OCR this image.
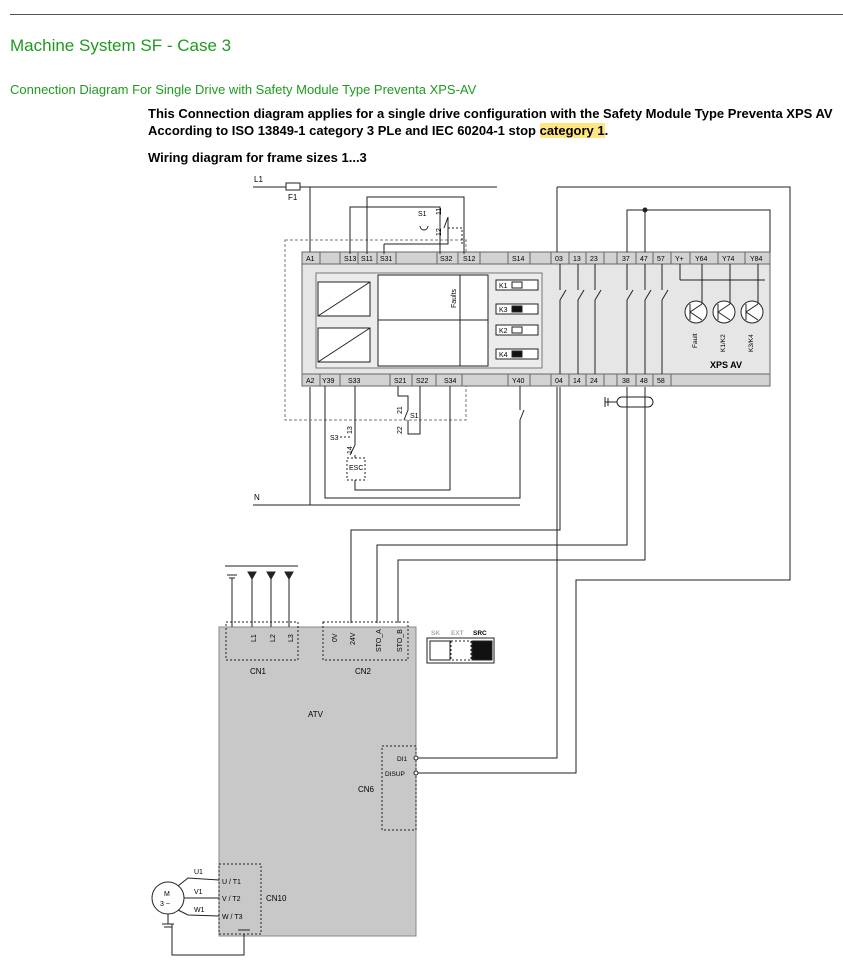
Machine System SF - Case 3
Connection Diagram For Single Drive with Safety Module Type Preventa XPS-AV

This Connection diagram applies for a single drive configuration with the Safety Module Type Preventa XPS AV According to ISO 13849-1 category 3 PLe and IEC 60204-1 stop category 1.

Wiring diagram for frame sizes 1...3

L1
F1
N
A1	S13 S11 S31	S32 S12	S14	03 13 23	37 47 57 Y+ Y64 Y74 Y84
A2 Y39 S33	S21 S22 S34	Y40	04 14 24	38 48 58
Faults
K1
K3
K2
K4
Fault	K1/K2	K3/K4
XPS AV
S1 11
12
21
22
S1
S3
13
14
ESC
ATV
L1 L2 L3
CN1
0V 24V	STO_A STO_B
CN2
SK EXT SRC
DI1
DISUP
CN6
U / T1
V / T2
W / T3
CN10
M
3 ~
U1
V1
W1
